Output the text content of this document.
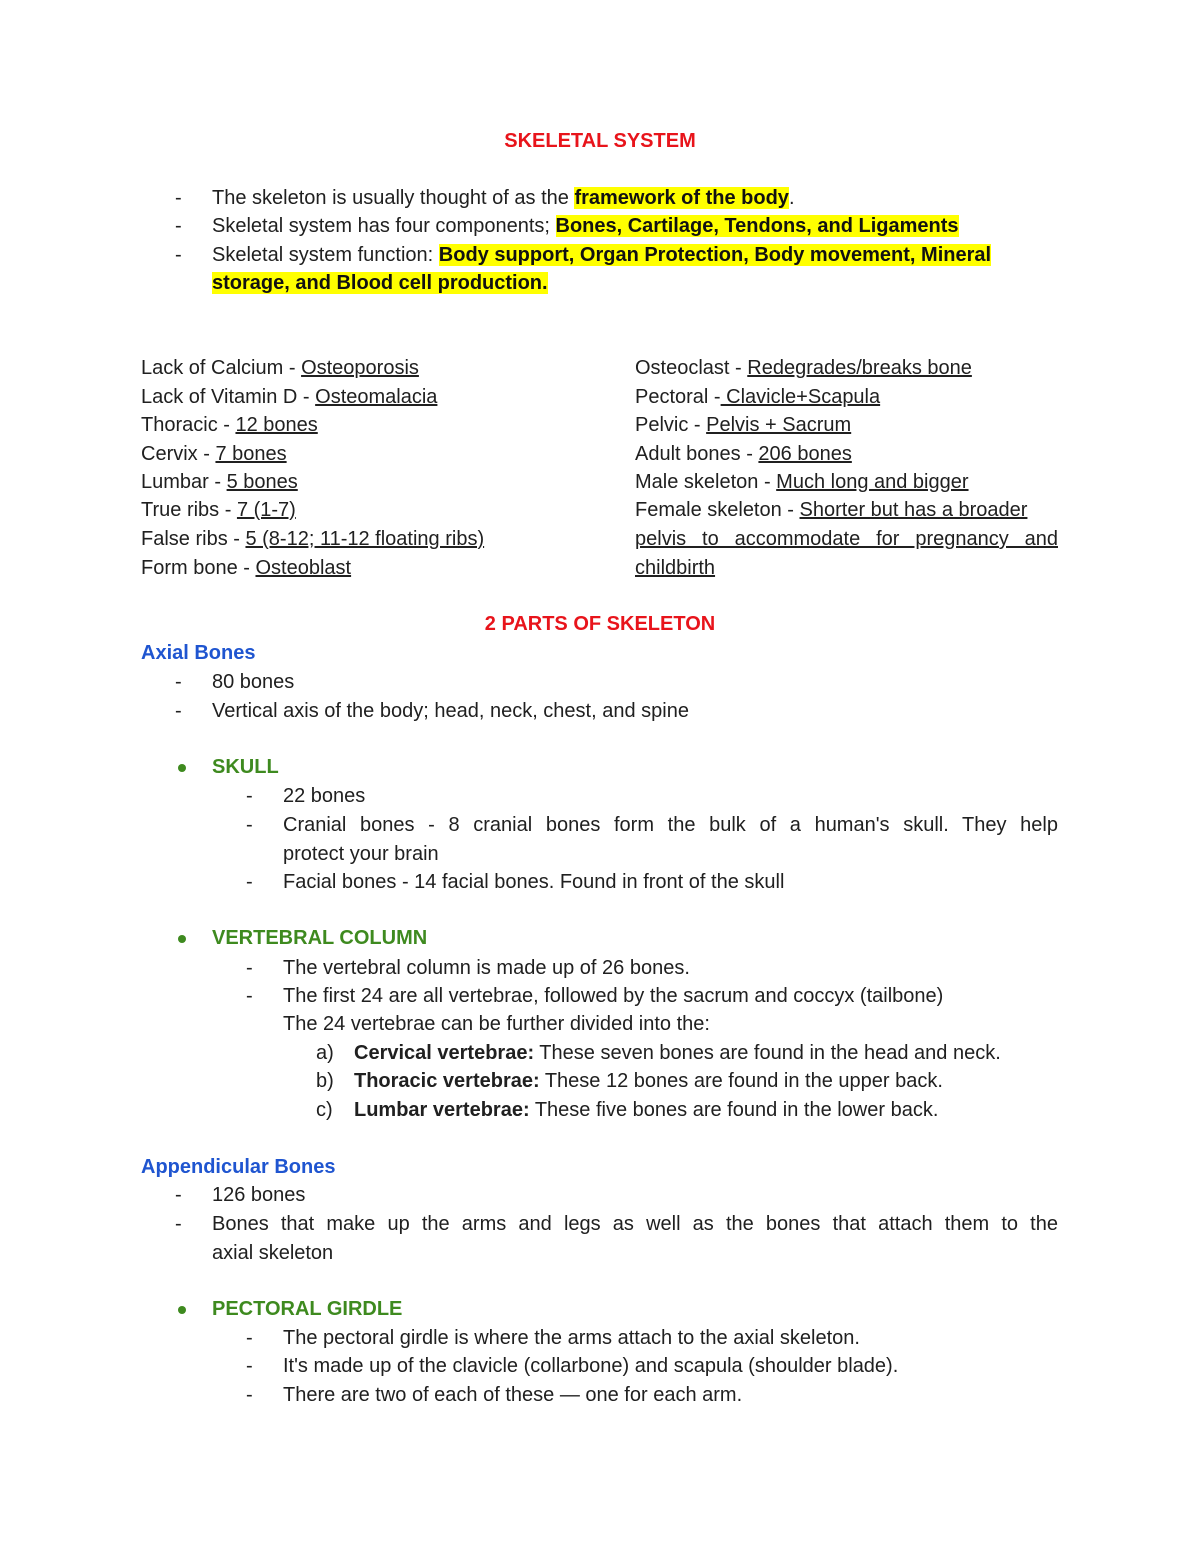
SKELETAL SYSTEM
- The skeleton is usually thought of as the framework of the body.
- Skeletal system has four components; Bones, Cartilage, Tendons, and Ligaments
- Skeletal system function: Body support, Organ Protection, Body movement, Mineral
storage, and Blood cell production.
Lack of Calcium - Osteoporosis
Lack of Vitamin D - Osteomalacia
Thoracic - 12 bones
Cervix - 7 bones
Lumbar - 5 bones
True ribs - 7 (1-7)
False ribs - 5 (8-12; 11-12 floating ribs)
Form bone - Osteoblast
Osteoclast - Redegrades/breaks bone
Pectoral - Clavicle+Scapula
Pelvic - Pelvis + Sacrum
Adult bones - 206 bones
Male skeleton - Much long and bigger
Female skeleton - Shorter but has a broader
pelvis to accommodate for pregnancy and
childbirth
2 PARTS OF SKELETON
Axial Bones
- 80 bones
- Vertical axis of the body; head, neck, chest, and spine
SKULL
- 22 bones
- Cranial bones - 8 cranial bones form the bulk of a human's skull. They help
protect your brain
- Facial bones - 14 facial bones. Found in front of the skull
VERTEBRAL COLUMN
- The vertebral column is made up of 26 bones.
- The first 24 are all vertebrae, followed by the sacrum and coccyx (tailbone)
The 24 vertebrae can be further divided into the:
a) Cervical vertebrae: These seven bones are found in the head and neck.
b) Thoracic vertebrae: These 12 bones are found in the upper back.
c) Lumbar vertebrae: These five bones are found in the lower back.
Appendicular Bones
- 126 bones
- Bones that make up the arms and legs as well as the bones that attach them to the
axial skeleton
PECTORAL GIRDLE
- The pectoral girdle is where the arms attach to the axial skeleton.
- It's made up of the clavicle (collarbone) and scapula (shoulder blade).
- There are two of each of these — one for each arm.
